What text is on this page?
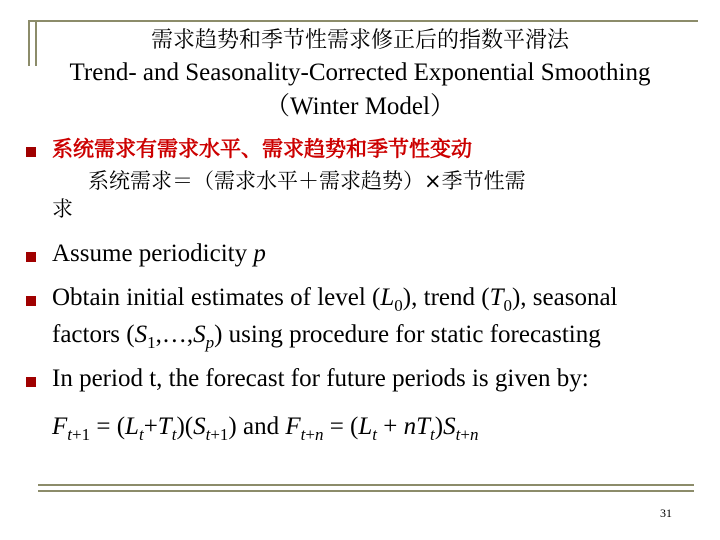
需求趋势和季节性需求修正后的指数平滑法
Trend- and Seasonality-Corrected Exponential Smoothing
（Winter Model）
系统需求有需求水平、需求趋势和季节性变动
系统需求＝（需求水平＋需求趋势）×季节性需
求
Assume periodicity p
Obtain initial estimates of level $(L_0)$, trend $(T_0)$, seasonal
factors $(S_1,\dots,S_p)$ using procedure for static forecasting
In period t, the forecast for future periods is given by:
$F_{t+1} = (L_t+T_t)(S_{t+1})$ and $F_{t+n} = (L_t + nT_t)S_{t+n}$
31
